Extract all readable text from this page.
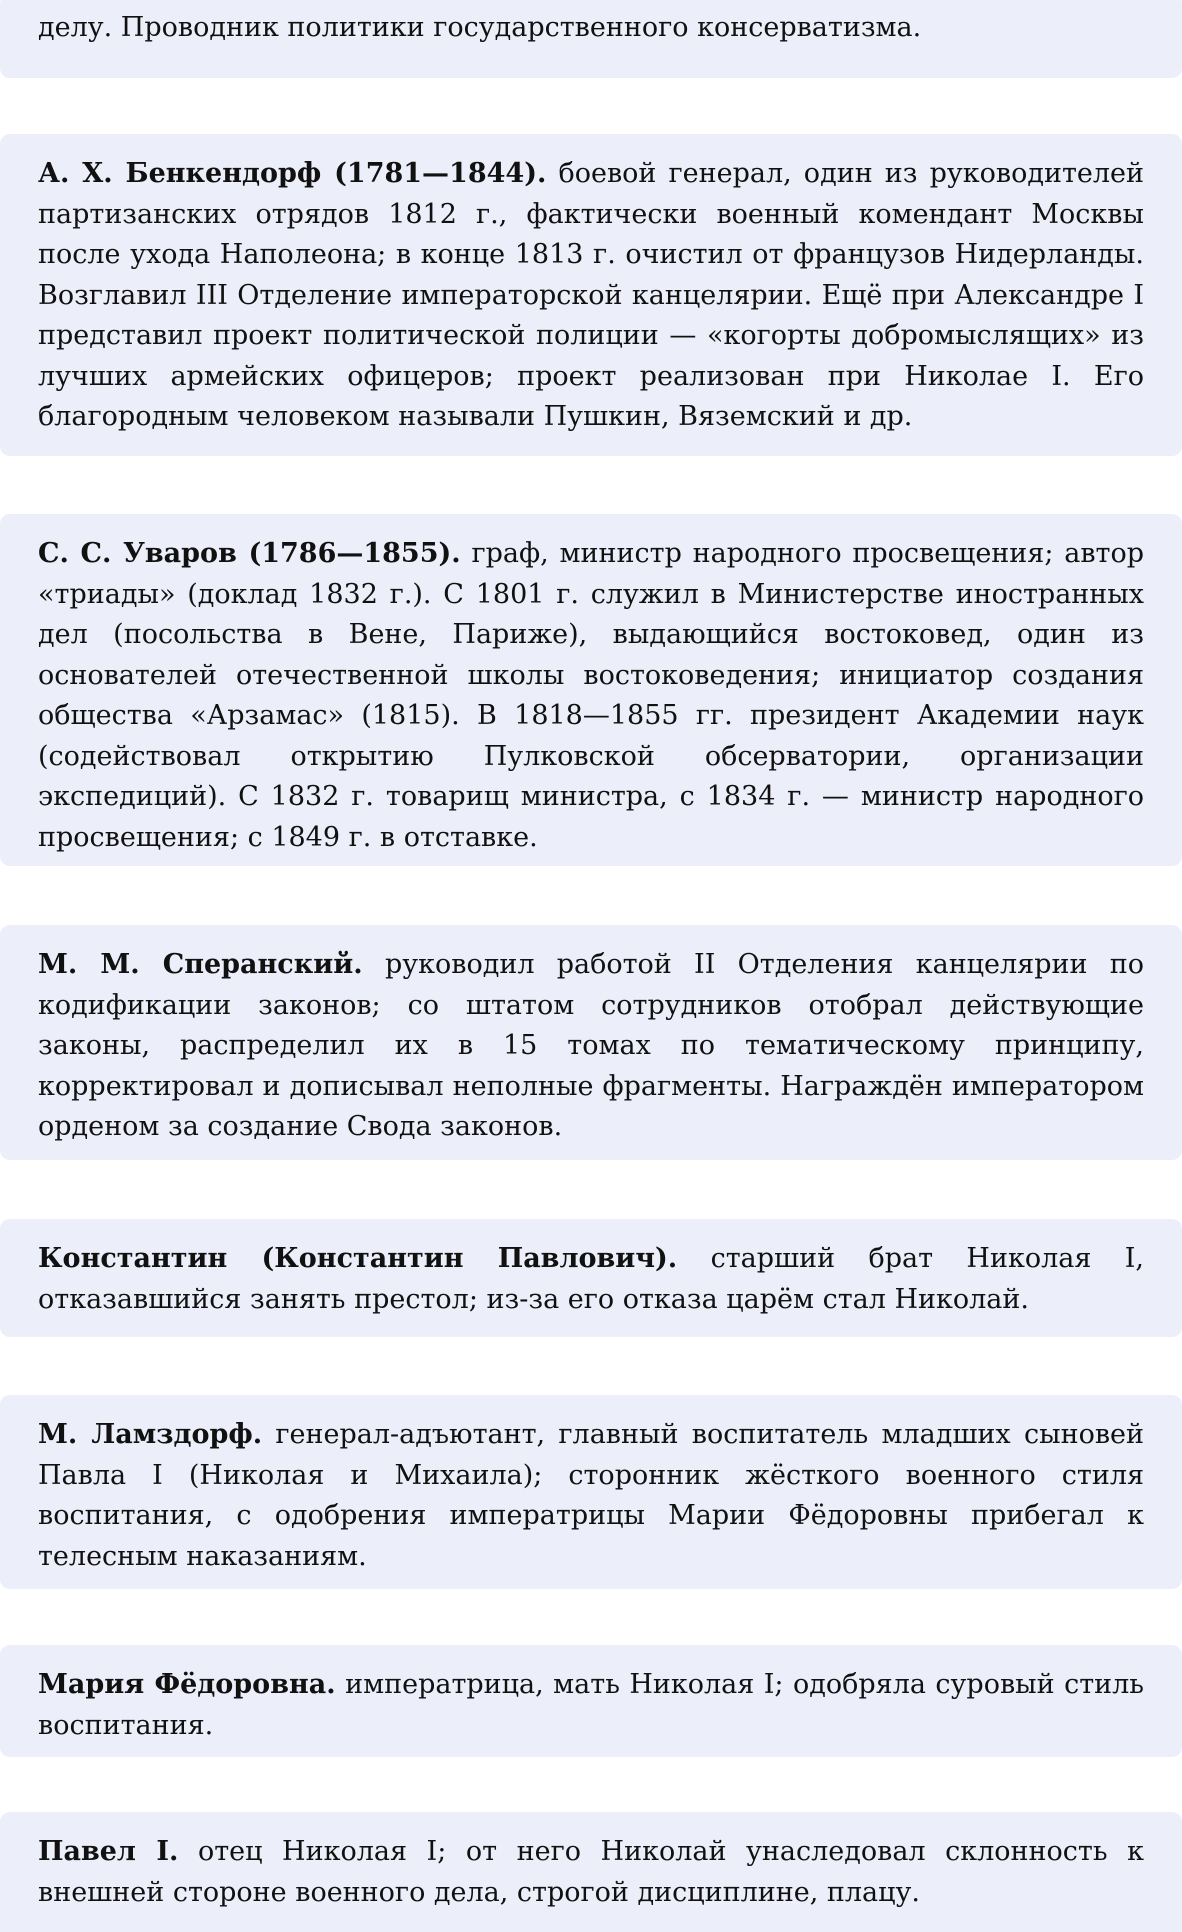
делу. Проводник политики государственного консерватизма.

А. Х. Бенкендорф (1781—1844). боевой генерал, один из руководителей партизанских отрядов 1812 г., фактически военный комендант Москвы после ухода Наполеона; в конце 1813 г. очистил от французов Нидерланды. Возглавил III Отделение императорской канцелярии. Ещё при Александре I представил проект политической полиции — «когорты добромыслящих» из лучших армейских офицеров; проект реализован при Николае I. Его благородным человеком называли Пушкин, Вяземский и др.

С. С. Уваров (1786—1855). граф, министр народного просвещения; автор «триады» (доклад 1832 г.). С 1801 г. служил в Министерстве иностранных дел (посольства в Вене, Париже), выдающийся востоковед, один из основателей отечественной школы востоковедения; инициатор создания общества «Арзамас» (1815). В 1818—1855 гг. президент Академии наук (содействовал открытию Пулковской обсерватории, организации экспедиций). С 1832 г. товарищ министра, с 1834 г. — министр народного просвещения; с 1849 г. в отставке.

М. М. Сперанский. руководил работой II Отделения канцелярии по кодификации законов; со штатом сотрудников отобрал действующие законы, распределил их в 15 томах по тематическому принципу, корректировал и дописывал неполные фрагменты. Награждён императором орденом за создание Свода законов.

Константин (Константин Павлович). старший брат Николая I, отказавшийся занять престол; из-за его отказа царём стал Николай.

М. Ламздорф. генерал-адъютант, главный воспитатель младших сыновей Павла I (Николая и Михаила); сторонник жёсткого военного стиля воспитания, с одобрения императрицы Марии Фёдоровны прибегал к телесным наказаниям.

Мария Фёдоровна. императрица, мать Николая I; одобряла суровый стиль воспитания.

Павел I. отец Николая I; от него Николай унаследовал склонность к внешней стороне военного дела, строгой дисциплине, плацу.
